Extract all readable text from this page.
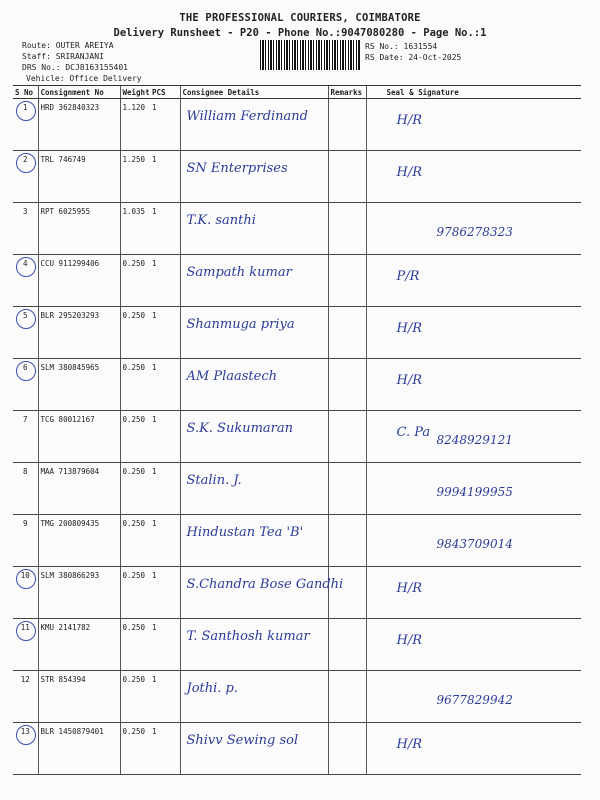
THE PROFESSIONAL COURIERS, COIMBATORE
Delivery Runsheet - P20 - Phone No.:9047080280 - Page No.:1
Route: OUTER AREIYA
Staff: SRIRANJANI
DRS No.: DCJ8163155401
Vehicle: Office Delivery
RS No.: 1631554
RS Date: 24-Oct-2025
S No	Consignment No	Weight	PCS	Consignee Details	Remarks	Seal & Signature
1	HRD 362840323	1.120	1	William Ferdinand		H/R

2	TRL 746749	1.250	1	SN Enterprises		H/R

3	RPT 6025955	1.035	1	T.K. santhi		9786278323

4	CCU 911299406	0.250	1	Sampath kumar		P/R

5	BLR 295203293	0.250	1	Shanmuga priya		H/R

6	SLM 380845965	0.250	1	AM Plaastech		H/R

7	TCG 80012167	0.250	1	S.K. Sukumaran		C. Pa 8248929121

8	MAA 713879604	0.250	1	Stalin. J.		9994199955

9	TMG 200809435	0.250	1	Hindustan Tea 'B'		9843709014

10	SLM 380866293	0.250	1	S.Chandra Bose Gandhi		H/R

11	KMU 2141782	0.250	1	T. Santhosh kumar		H/R

12	STR 854394	0.250	1	Jothi. p.		9677829942

13	BLR 1450879401	0.250	1	Shivv Sewing sol		H/R
